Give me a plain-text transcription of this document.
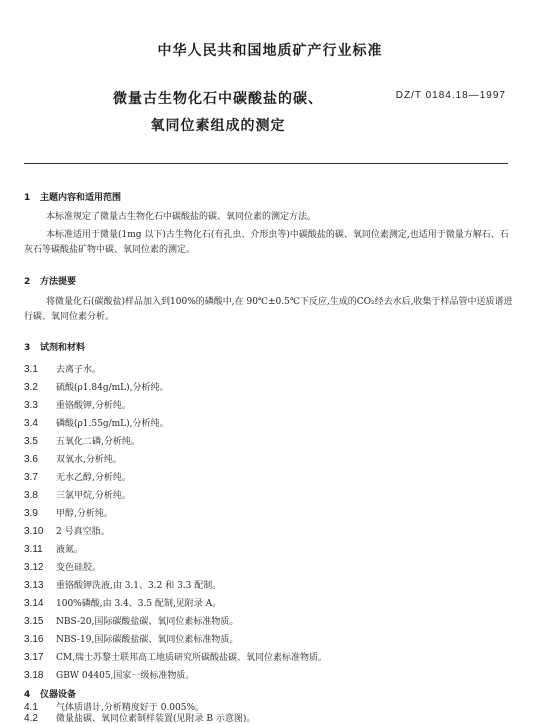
中华人民共和国地质矿产行业标准
微量古生物化石中碳酸盐的碳、
氧同位素组成的测定
DZ/T 0184.18—1997
1 主题内容和适用范围
本标准规定了微量古生物化石中碳酸盐的碳、氧同位素的测定方法。
本标准适用于微量(1mg 以下)古生物化石(有孔虫、介形虫等)中碳酸盐的碳、氧同位素测定,也适用于微量方解石、石灰石等碳酸盐矿物中碳、氧同位素的测定。
2 方法提要
将微量化石(碳酸盐)样品加入到100%的磷酸中,在 90℃±0.5℃下反应,生成的CO₂经去水后,收集于样品管中送质谱进行碳、氧同位素分析。
3 试剂和材料
3.1 去离子水。
3.2 硫酸(ρ1.84g/mL),分析纯。
3.3 重铬酸钾,分析纯。
3.4 磷酸(ρ1.55g/mL),分析纯。
3.5 五氧化二磷,分析纯。
3.6 双氧水,分析纯。
3.7 无水乙醇,分析纯。
3.8 三氯甲烷,分析纯。
3.9 甲醇,分析纯。
3.10 2 号真空脂。
3.11 液氮。
3.12 变色硅胶。
3.13 重铬酸钾洗液,由 3.1、3.2 和 3.3 配制。
3.14 100%磷酸,由 3.4、3.5 配制,见附录 A。
3.15 NBS-20,国际碳酸盐碳、氧同位素标准物质。
3.16 NBS-19,国际碳酸盐碳、氧同位素标准物质。
3.17 CM,瑞士苏黎士联邦高工地质研究所碳酸盐碳、氧同位素标准物质。
3.18 GBW 04405,国家一级标准物质。
4 仪器设备
4.1 气体质谱计,分析精度好于 0.005%。
4.2 微量盐碳、氧同位素制样装置(见附录 B 示意图)。
